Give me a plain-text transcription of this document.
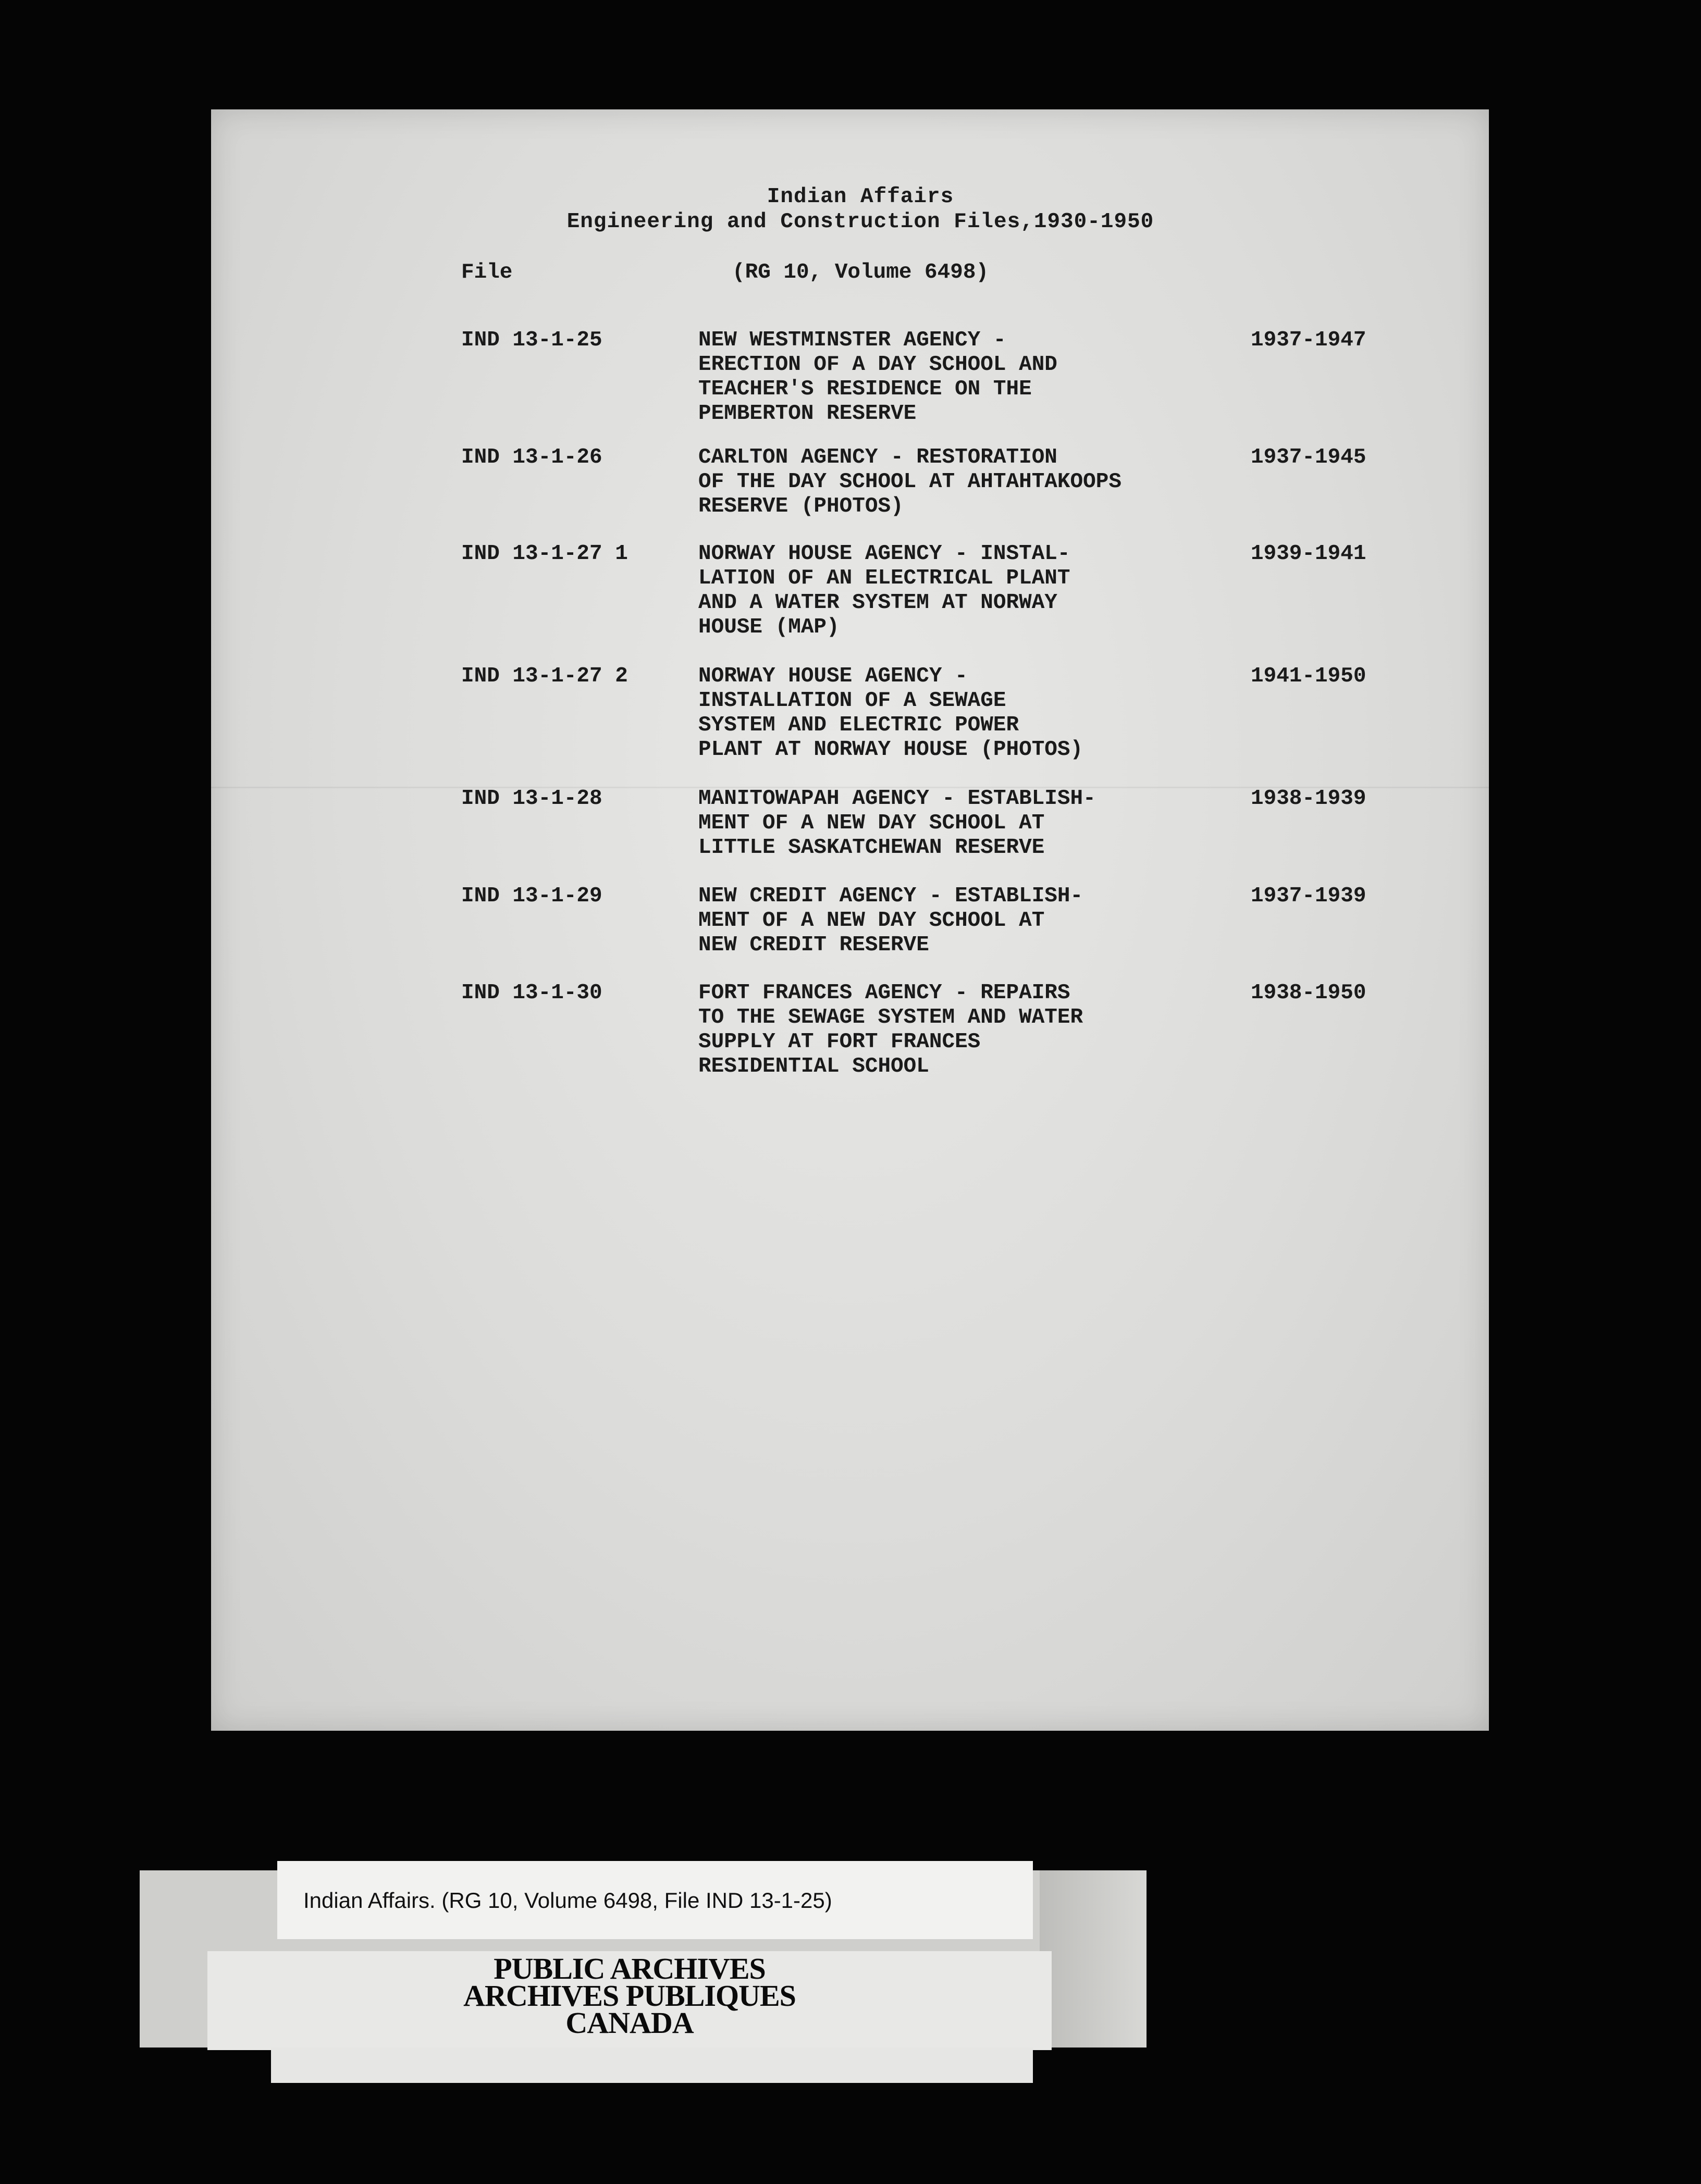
Indian Affairs
Engineering and Construction Files,1930-1950
File	(RG 10, Volume 6498)
IND 13-1-25	NEW WESTMINSTER AGENCY -
ERECTION OF A DAY SCHOOL AND
TEACHER'S RESIDENCE ON THE
PEMBERTON RESERVE
1937-1947
IND 13-1-26	CARLTON AGENCY - RESTORATION
OF THE DAY SCHOOL AT AHTAHTAKOOPS
RESERVE (PHOTOS)
1937-1945
IND 13-1-27 1	NORWAY HOUSE AGENCY - INSTAL-
LATION OF AN ELECTRICAL PLANT
AND A WATER SYSTEM AT NORWAY
HOUSE (MAP)
1939-1941
IND 13-1-27 2	NORWAY HOUSE AGENCY -
INSTALLATION OF A SEWAGE
SYSTEM AND ELECTRIC POWER
PLANT AT NORWAY HOUSE (PHOTOS)
1941-1950
IND 13-1-28	MANITOWAPAH AGENCY - ESTABLISH-
MENT OF A NEW DAY SCHOOL AT
LITTLE SASKATCHEWAN RESERVE
1938-1939
IND 13-1-29	NEW CREDIT AGENCY - ESTABLISH-
MENT OF A NEW DAY SCHOOL AT
NEW CREDIT RESERVE
1937-1939
IND 13-1-30	FORT FRANCES AGENCY - REPAIRS
TO THE SEWAGE SYSTEM AND WATER
SUPPLY AT FORT FRANCES
RESIDENTIAL SCHOOL
1938-1950
PUBLIC ARCHIVES
ARCHIVES PUBLIQUES
CANADA
Indian Affairs. (RG 10, Volume 6498, File IND 13-1-25)
